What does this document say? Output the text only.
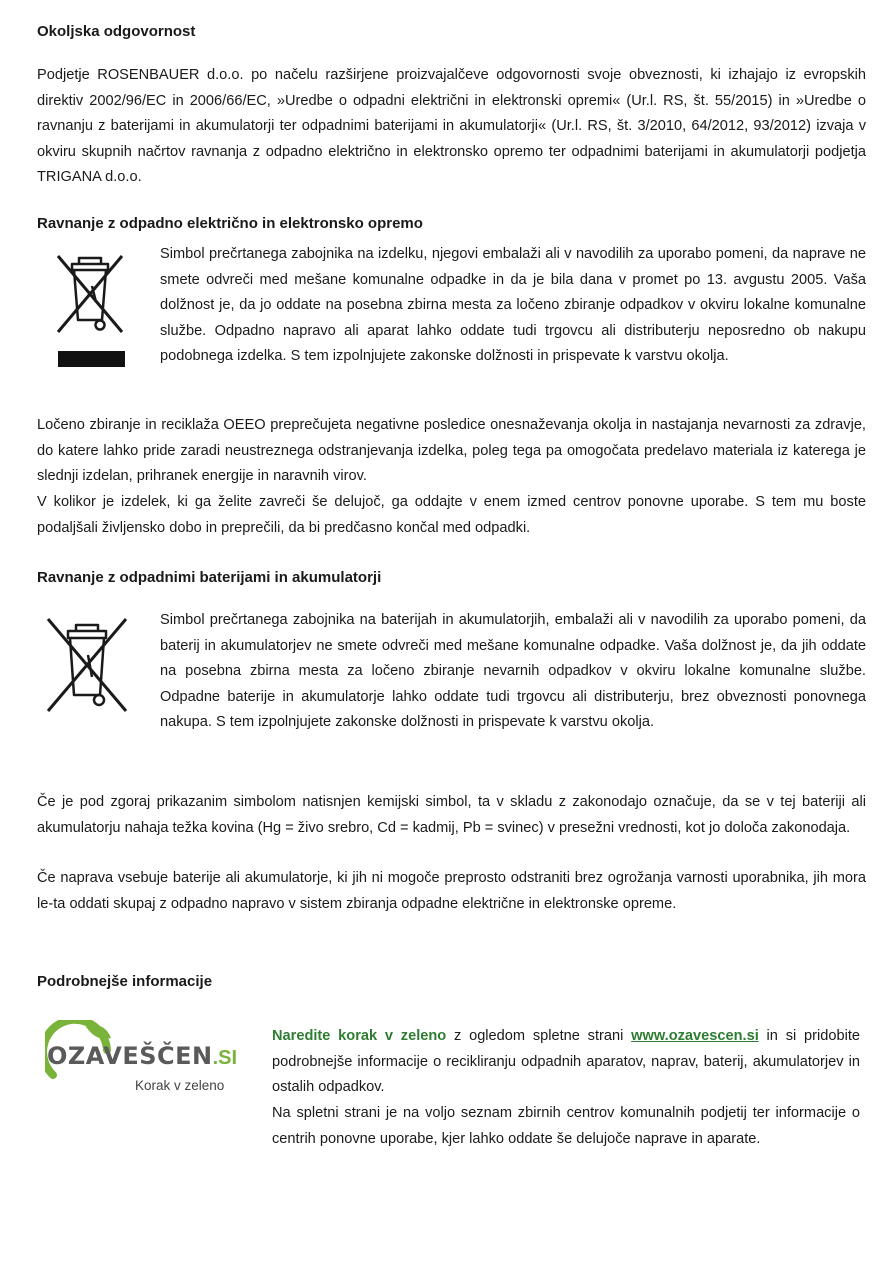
Okoljska odgovornost

Podjetje ROSENBAUER d.o.o. po načelu razširjene proizvajalčeve odgovornosti svoje obveznosti, ki izhajajo iz evropskih direktiv 2002/96/EC in 2006/66/EC, »Uredbe o odpadni električni in elektronski opremi« (Ur.l. RS, št. 55/2015) in »Uredbe o ravnanju z baterijami in akumulatorji ter odpadnimi baterijami in akumulatorji« (Ur.l. RS, št. 3/2010, 64/2012, 93/2012) izvaja v okviru skupnih načrtov ravnanja z odpadno električno in elektronsko opremo ter odpadnimi baterijami in akumulatorji podjetja TRIGANA d.o.o.

Ravnanje z odpadno električno in elektronsko opremo

Simbol prečrtanega zabojnika na izdelku, njegovi embalaži ali v navodilih za uporabo pomeni, da naprave ne smete odvreči med mešane komunalne odpadke in da je bila dana v promet po 13. avgustu 2005. Vaša dolžnost je, da jo oddate na posebna zbirna mesta za ločeno zbiranje odpadkov v okviru lokalne komunalne službe. Odpadno napravo ali aparat lahko oddate tudi trgovcu ali distributerju neposredno ob nakupu podobnega izdelka. S tem izpolnjujete zakonske dolžnosti in prispevate k varstvu okolja.

Ločeno zbiranje in reciklaža OEEO preprečujeta negativne posledice onesnaževanja okolja in nastajanja nevarnosti za zdravje, do katere lahko pride zaradi neustreznega odstranjevanja izdelka, poleg tega pa omogočata predelavo materiala iz katerega je slednji izdelan, prihranek energije in naravnih virov.

V kolikor je izdelek, ki ga želite zavreči še delujoč, ga oddajte v enem izmed centrov ponovne uporabe. S tem mu boste podaljšali življensko dobo in preprečili, da bi predčasno končal med odpadki.

Ravnanje z odpadnimi baterijami in akumulatorji

Simbol prečrtanega zabojnika na baterijah in akumulatorjih, embalaži ali v navodilih za uporabo pomeni, da baterij in akumulatorjev ne smete odvreči med mešane komunalne odpadke. Vaša dolžnost je, da jih oddate na posebna zbirna mesta za ločeno zbiranje nevarnih odpadkov v okviru lokalne komunalne službe. Odpadne baterije in akumulatorje lahko oddate tudi trgovcu ali distributerju, brez obveznosti ponovnega nakupa. S tem izpolnjujete zakonske dolžnosti in prispevate k varstvu okolja.

Če je pod zgoraj prikazanim simbolom natisnjen kemijski simbol, ta v skladu z zakonodajo označuje, da se v tej bateriji ali akumulatorju nahaja težka kovina (Hg = živo srebro, Cd = kadmij, Pb = svinec) v presežni vrednosti, kot jo določa zakonodaja.

Če naprava vsebuje baterije ali akumulatorje, ki jih ni mogoče preprosto odstraniti brez ogrožanja varnosti uporabnika, jih mora le-ta oddati skupaj z odpadno napravo v sistem zbiranja odpadne električne in elektronske opreme.

Podrobnejše informacije
OZAVEŠČEN.SI
Korak v zeleno

Naredite korak v zeleno z ogledom spletne strani www.ozavescen.si in si pridobite podrobnejše informacije o recikliranju odpadnih aparatov, naprav, baterij, akumulatorjev in ostalih odpadkov.

Na spletni strani je na voljo seznam zbirnih centrov komunalnih podjetij ter informacije o centrih ponovne uporabe, kjer lahko oddate še delujoče naprave in aparate.
